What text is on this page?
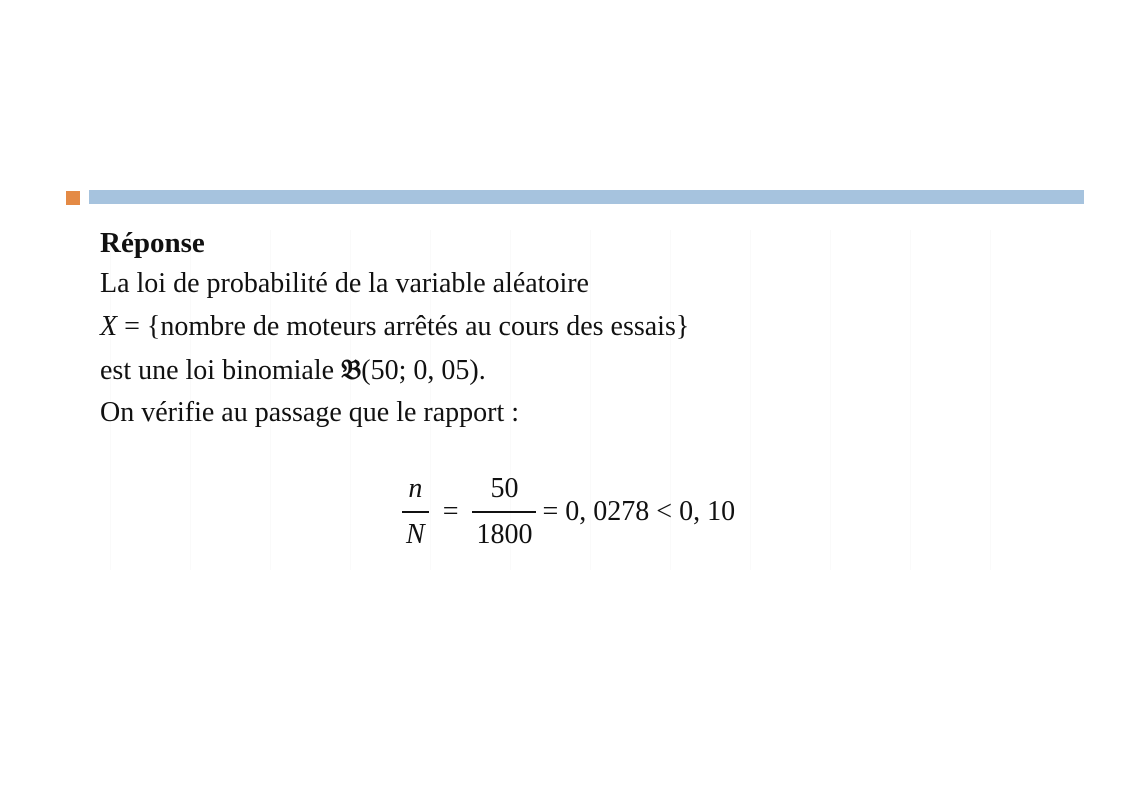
Réponse
La loi de probabilité de la variable aléatoire
X = {nombre de moteurs arrêtés au cours des essais}
est une loi binomiale 𝔅(50; 0, 05).
On vérifie au passage que le rapport :
$\frac{n}{N} = \frac{50}{1800} = 0$, 0278 < 0, 10
